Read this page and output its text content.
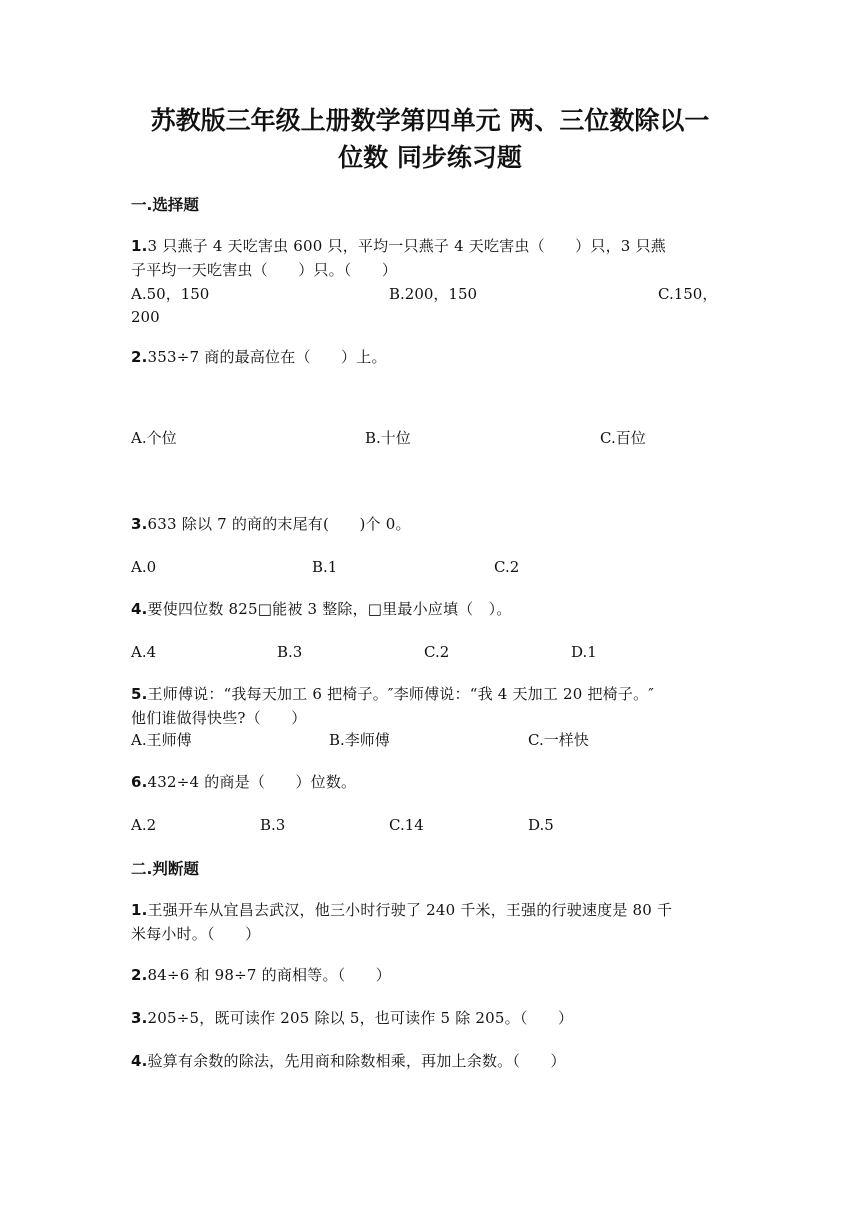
苏教版三年级上册数学第四单元 两、三位数除以一
位数 同步练习题
一.选择题
1.3 只燕子 4 天吃害虫 600 只，平均一只燕子 4 天吃害虫（　　）只，3 只燕
子平均一天吃害虫（　　）只。（　　）
A.50，150	B.200，150	C.150，
200
2.353÷7 商的最高位在（　　）上。
A.个位	B.十位	C.百位
3.633 除以 7 的商的末尾有(　　)个 0。
A.0	B.1	C.2
4.要使四位数 825□能被 3 整除，□里最小应填（　）。
A.4	B.3	C.2	D.1
5.王师傅说：“我每天加工 6 把椅子。″李师傅说：“我 4 天加工 20 把椅子。″
他们谁做得快些?（　　）
A.王师傅	B.李师傅	C.一样快
6.432÷4 的商是（　　）位数。
A.2	B.3	C.14	D.5
二.判断题
1.王强开车从宜昌去武汉，他三小时行驶了 240 千米，王强的行驶速度是 80 千
米每小时。（　　）
2.84÷6 和 98÷7 的商相等。（　　）
3.205÷5，既可读作 205 除以 5，也可读作 5 除 205。（　　）
4.验算有余数的除法，先用商和除数相乘，再加上余数。（　　）
